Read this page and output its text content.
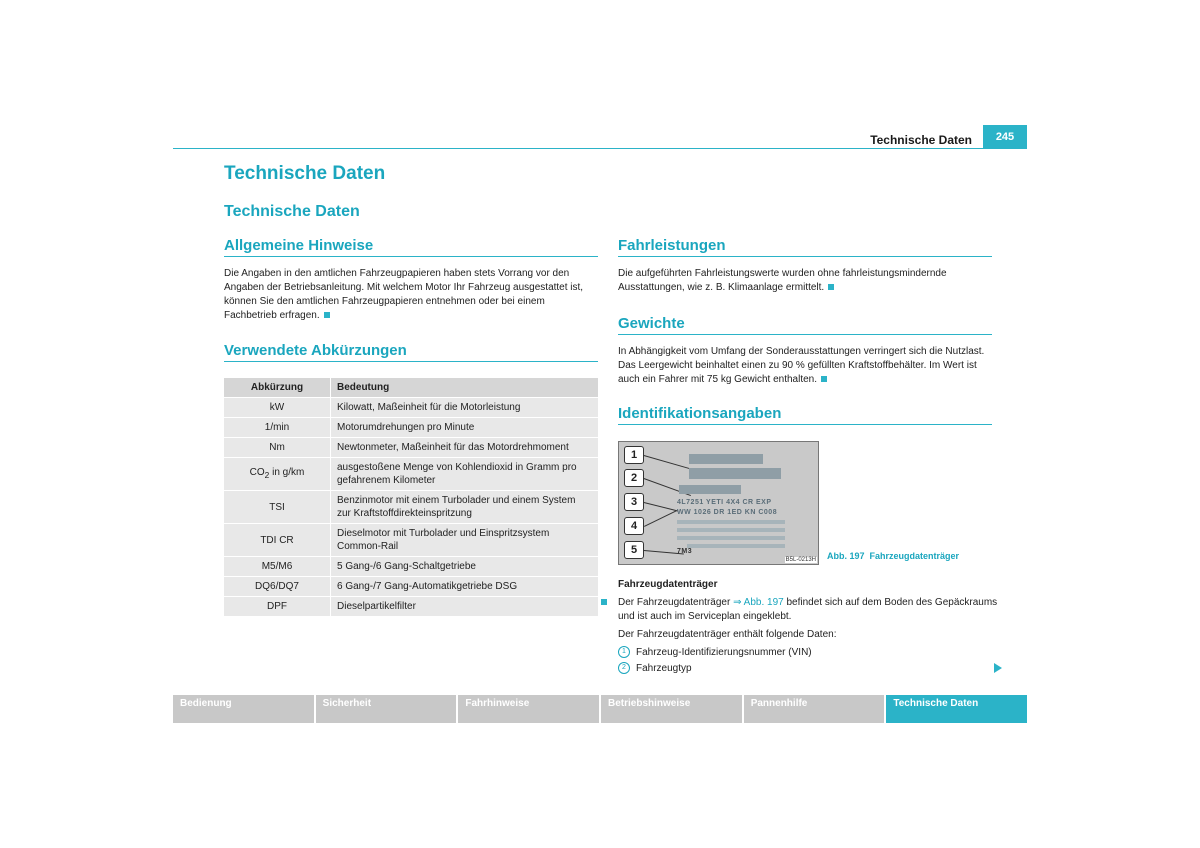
Technische Daten	245
Technische Daten
Technische Daten
Allgemeine Hinweise
Die Angaben in den amtlichen Fahrzeugpapieren haben stets Vorrang vor den Angaben der Betriebsanleitung. Mit welchem Motor Ihr Fahrzeug ausgestattet ist, können Sie den amtlichen Fahrzeugpapieren entnehmen oder bei einem Fachbetrieb erfragen.
Verwendete Abkürzungen
Abkürzung	Bedeutung
kW	Kilowatt, Maßeinheit für die Motorleistung
1/min	Motorumdrehungen pro Minute
Nm	Newtonmeter, Maßeinheit für das Motordrehmoment
$CO_2$ in g/km	ausgestoßene Menge von Kohlendioxid in Gramm pro gefahrenem Kilometer
TSI	Benzinmotor mit einem Turbolader und einem System zur Kraftstoffdirekteinspritzung
TDI CR	Dieselmotor mit Turbolader und Einspritzsystem Common-Rail
M5/M6	5 Gang-/6 Gang-Schaltgetriebe
DQ6/DQ7	6 Gang-/7 Gang-Automatikgetriebe DSG
DPF	Dieselpartikelfilter
Fahrleistungen
Die aufgeführten Fahrleistungswerte wurden ohne fahrleistungsmindernde Ausstattungen, wie z. B. Klimaanlage ermittelt.
Gewichte
In Abhängigkeit vom Umfang der Sonderausstattungen verringert sich die Nutzlast. Das Leergewicht beinhaltet einen zu 90 % gefüllten Kraftstoffbehälter. Im Wert ist auch ein Fahrer mit 75 kg Gewicht enthalten.
Identifikationsangaben
1
2
3
4
5
4L7251 YETI 4X4 CR EXP
WW 1026 DR 1ED KN C008
7M3
B5L-0213H Abb. 197 Fahrzeugdatenträger
Fahrzeugdatenträger
Der Fahrzeugdatenträger ⇒ Abb. 197 befindet sich auf dem Boden des Gepäckraums und ist auch im Serviceplan eingeklebt.
Der Fahrzeugdatenträger enthält folgende Daten:
1 Fahrzeug-Identifizierungsnummer (VIN)
2 Fahrzeugtyp
Bedienung	Sicherheit	Fahrhinweise	Betriebshinweise	Pannenhilfe	Technische Daten
